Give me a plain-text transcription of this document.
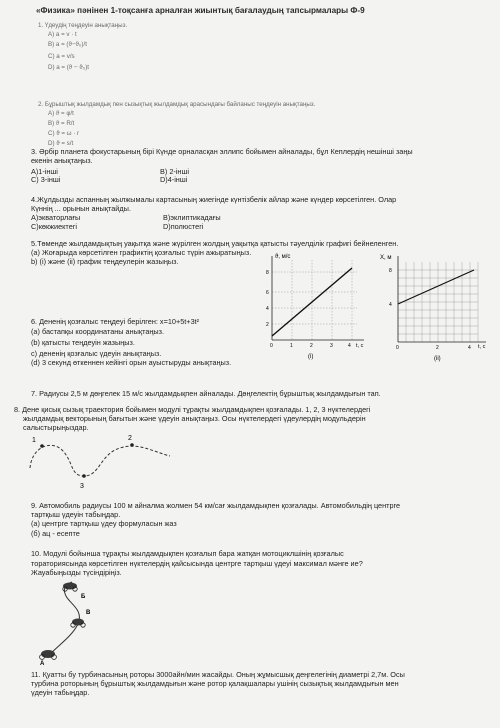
«Физика» пәнінен 1-тоқсанға арналған жиынтық бағалаудың тапсырмалары Ф-9
1. Үдеудің теңдеуін анықтаңыз.
A) a = v · t
B) a = (ϑ−ϑ₀)/t
C) a = v/s
D) a = (ϑ − ϑ₀)t
2. Бұрыштық жылдамдық пен сызықтық жылдамдық арасындағы байланыс теңдеуін анықтаңыз.
A) ϑ = φ/t
B) ϑ = R/t
C) ϑ = ω · r
D) ϑ = s/t
3. Әрбір планета фокустарының бірі Күнде орналасқан эллипс бойымен айналады, бұл Кеплердің нешінші заңы
екенін анықтаңыз.
А)1-інші	В) 2-інші
С) 3-інші	D)4-інші
4.Жұлдызды аспанның жылжымалы картасының жиегінде күнтізбелік айлар және күндер көрсетілген. Олар
Күннің ... орынын анықтайды.
А)экваторлағы	В)эклиптикадағы
С)көкжиектегі	D)полюстегі
5.Төменде жылдамдықтың уақытқа және жүрілген жолдың уақытқа қатысты тәуелділік графигі бейнеленген.
(а) Жоғарыда көрсетілген графиктің қозғалыс түрін ажыратыңыз.
b) (і) және (іі) график теңдеулерін жазыңыз.	ϑ, м/с
t, с
8
6
4
2
0	1	2	3	4
(і)
X, м
t, c
8
4
0	2	4
(іі)
6. Дененің қозғалыс теңдеуі берілген: x=10+5t+3t²
(а) бастапқы координатаны анықтаңыз.
(b) қатысты теңдеуін жазыңыз.
c) дененің қозғалыс үдеуін анықтаңыз.
(d) 3 секунд өткеннен кейінгі орын ауыстыруды анықтаңыз.
7. Радиусы 2,5 м дөңгелек 15 м/с жылдамдықпен айналады. Дөңгелектің бұрыштық жылдамдығын тап.
8. Дене қисық сызық траектория бойымен модулі тұрақты жылдамдықпен қозғалады. 1, 2, 3 нүктелердегі
жылдамдық векторының бағытын және үдеуін анықтаңыз. Осы нүктелердегі үдеулердің модульдерін
салыстырыңыздар.
1	2
3
9. Автомобиль радиусы 100 м айналма жолмен 54 км/сағ жылдамдықпен қозғалады. Автомобильдің центрге
тартқыш үдеуін табыңдар.
(а) центрге тартқыш үдеу формуласын жаз
(б) aц - есепте
10. Модулі бойынша тұрақты жылдамдықпен қозғалып бара жатқан мотоциклшінің қозғалыс
тораторияcында көрсетілген нүктелердің қайсысында центрге тартқыш үдеуі максимал мәнге ие?
Жауабыңызды түсіндіріңіз.
Б
В
А
11. Қуатты бу турбинасының роторы 3000айн/мин жасайды. Оның жұмысшық деңгелегінің диаметрі 2,7м. Осы
турбина роторының бұрыштық жылдамдығын және ротор қалақшалары ушінің сызықтық жылдамдығын мен
үдеуін табыңдар.
